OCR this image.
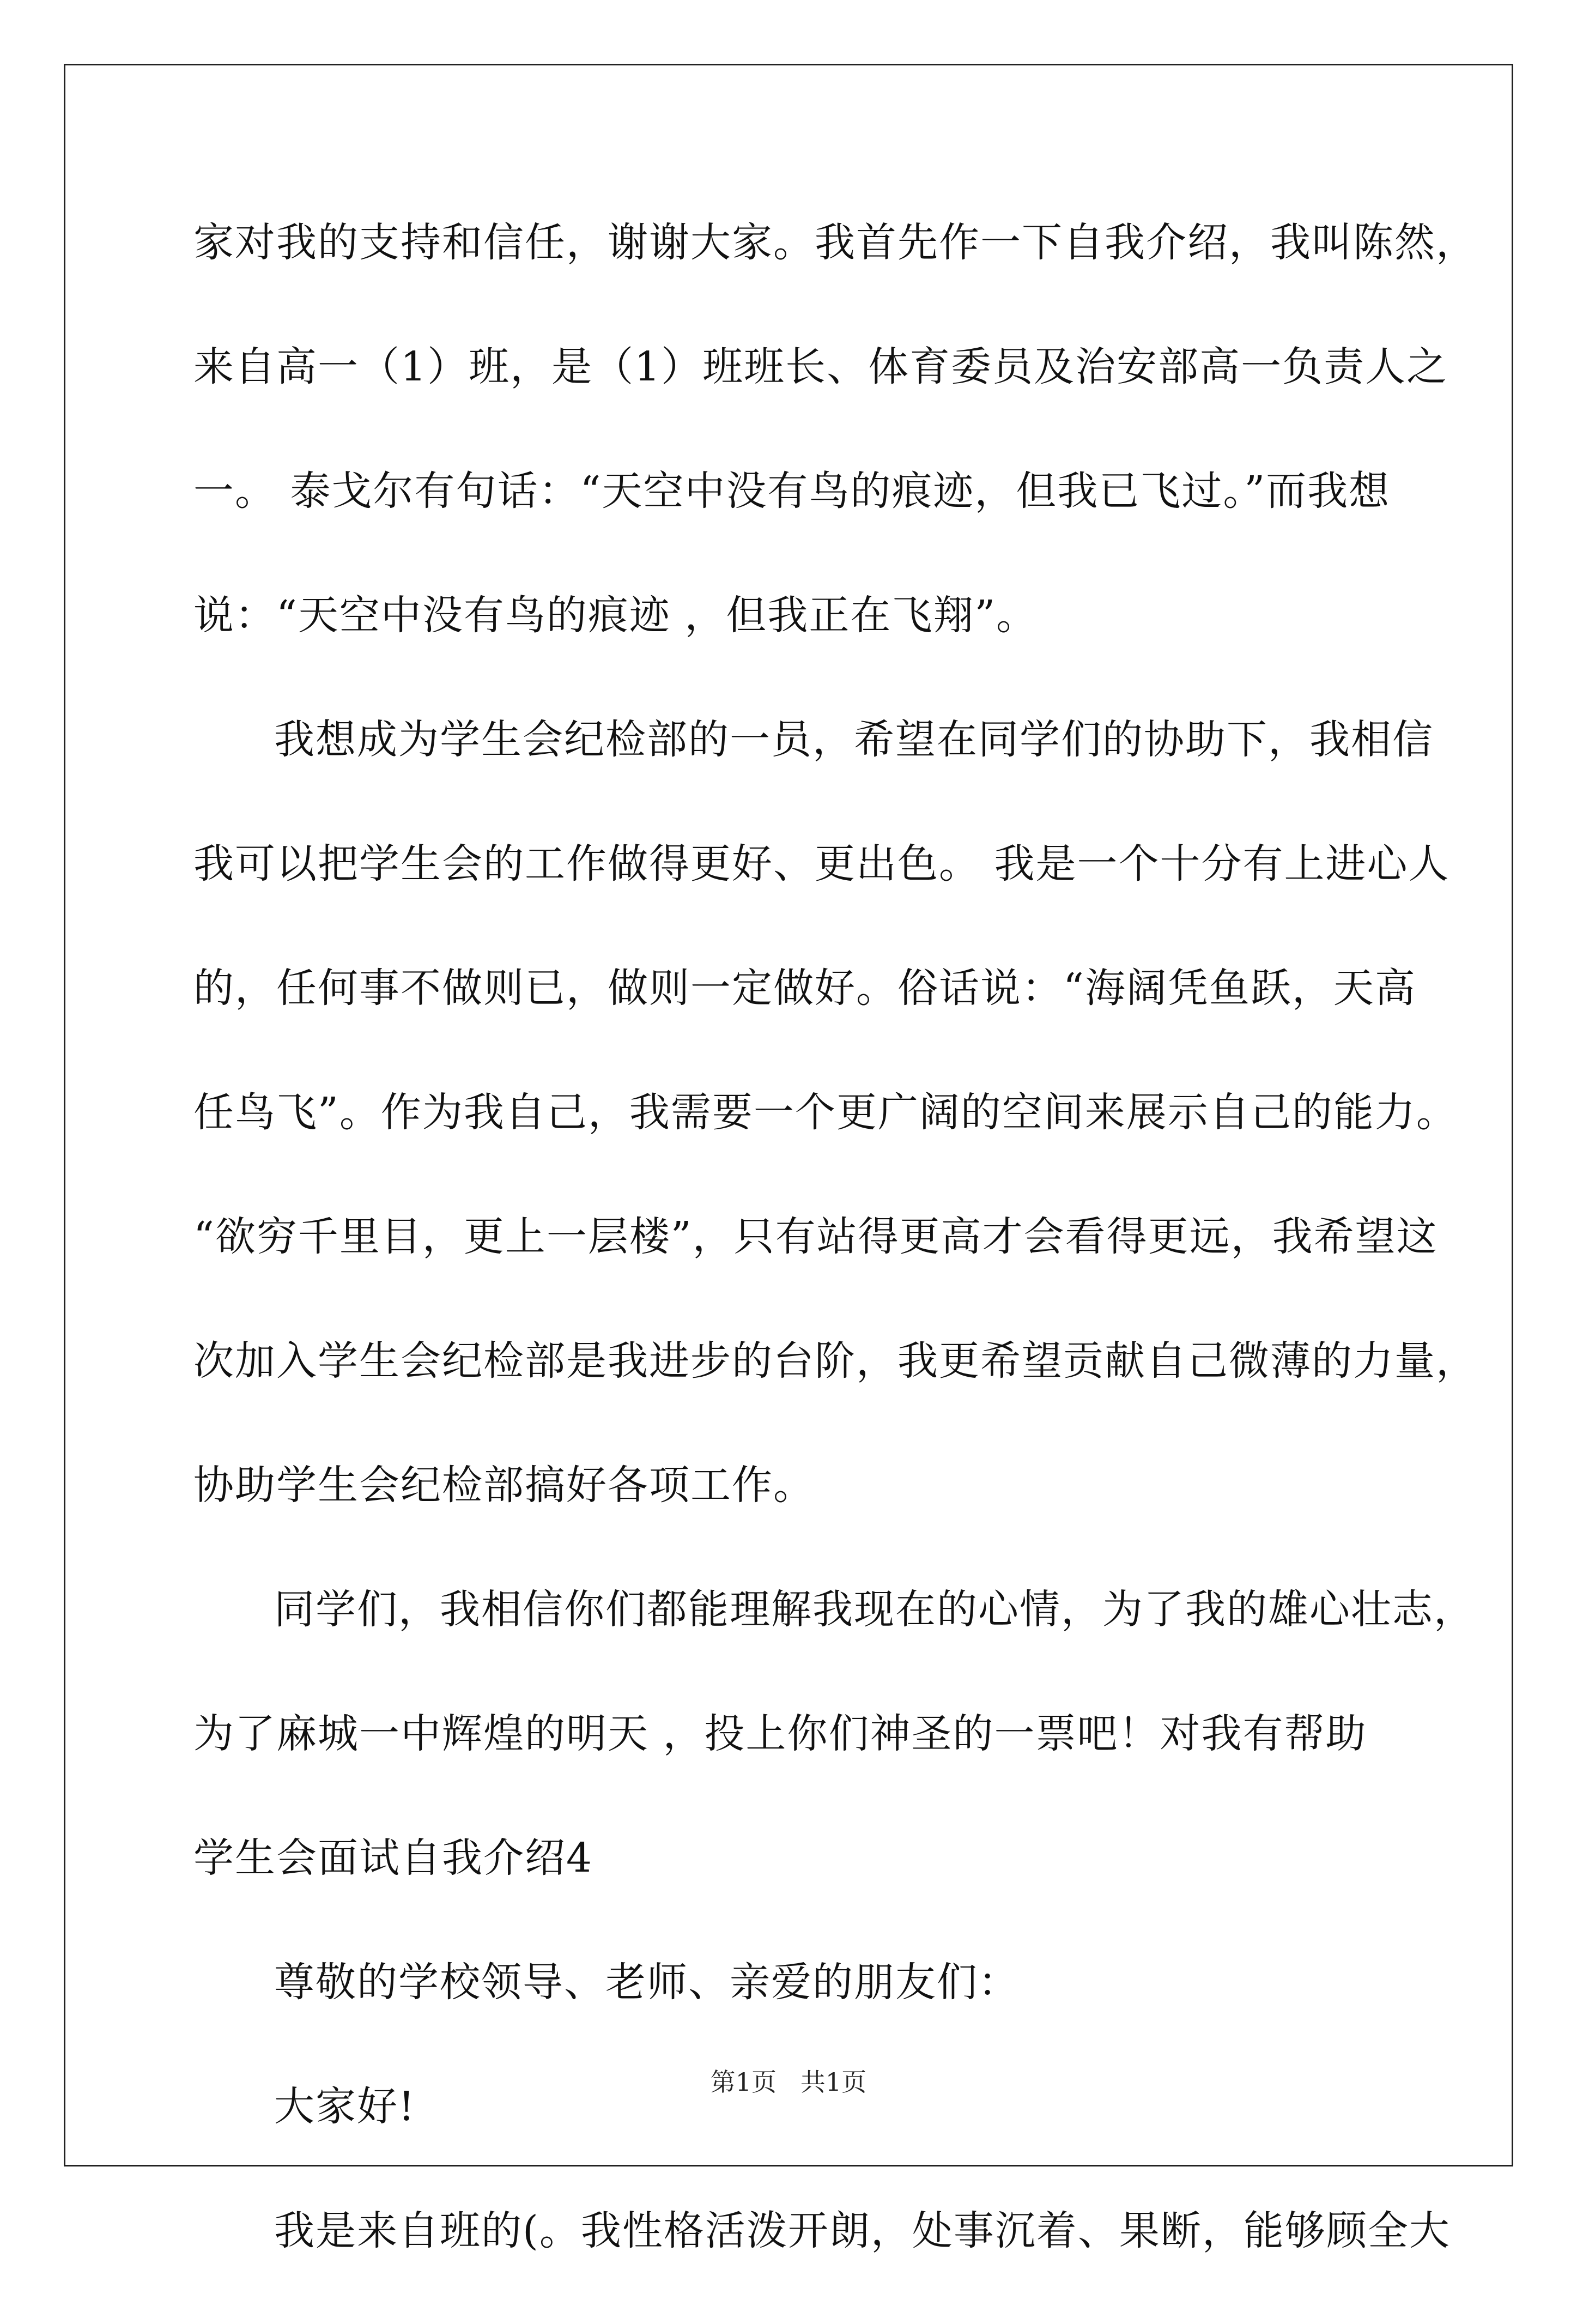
家对我的支持和信任，谢谢大家。我首先作一下自我介绍，我叫陈然，
来自高一（1）班，是（1）班班长、体育委员及治安部高一负责人之
一。 泰戈尔有句话：“天空中没有鸟的痕迹，但我已飞过。”而我想
说：“天空中没有鸟的痕迹 ，但我正在飞翔”。
我想成为学生会纪检部的一员，希望在同学们的协助下，我相信
我可以把学生会的工作做得更好、更出色。 我是一个十分有上进心人
的，任何事不做则已，做则一定做好。俗话说：“海阔凭鱼跃，天高
任鸟飞”。作为我自己，我需要一个更广阔的空间来展示自己的能力。
“欲穷千里目，更上一层楼”，只有站得更高才会看得更远，我希望这
次加入学生会纪检部是我进步的台阶，我更希望贡献自己微薄的力量，
协助学生会纪检部搞好各项工作。
同学们，我相信你们都能理解我现在的心情，为了我的雄心壮志，
为了麻城一中辉煌的明天 ，投上你们神圣的一票吧！对我有帮助
学生会面试自我介绍4
尊敬的学校领导、老师、亲爱的朋友们：
大家好!
我是来自班的(。我性格活泼开朗，处事沉着、果断，能够顾全大
第1页   共1页
